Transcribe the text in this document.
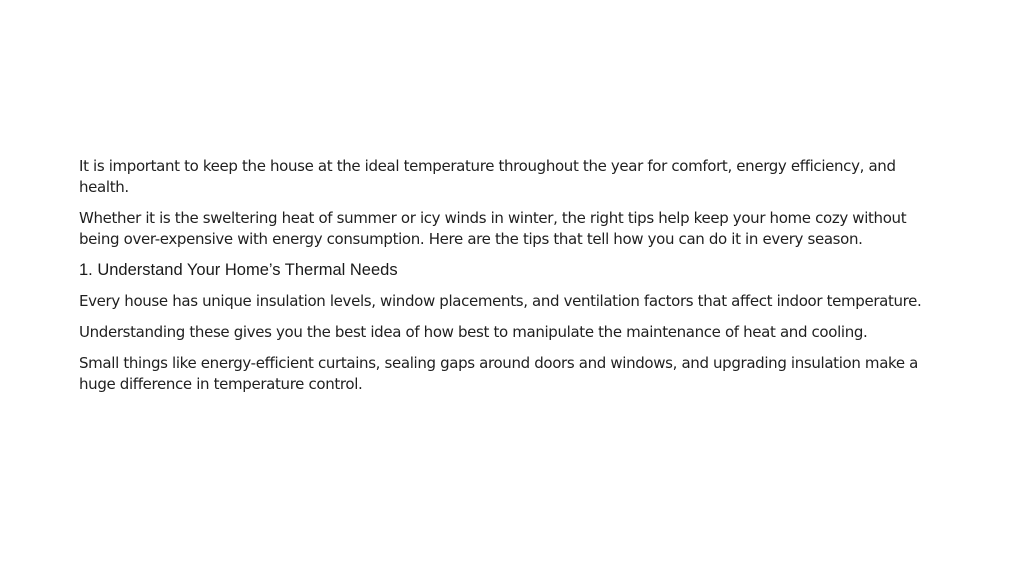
It is important to keep the house at the ideal temperature throughout the year for comfort, energy efficiency, and health.

Whether it is the sweltering heat of summer or icy winds in winter, the right tips help keep your home cozy without being over-expensive with energy consumption. Here are the tips that tell how you can do it in every season.

1. Understand Your Home’s Thermal Needs

Every house has unique insulation levels, window placements, and ventilation factors that affect indoor temperature.

Understanding these gives you the best idea of how best to manipulate the maintenance of heat and cooling.

Small things like energy-efficient curtains, sealing gaps around doors and windows, and upgrading insulation make a huge difference in temperature control.
